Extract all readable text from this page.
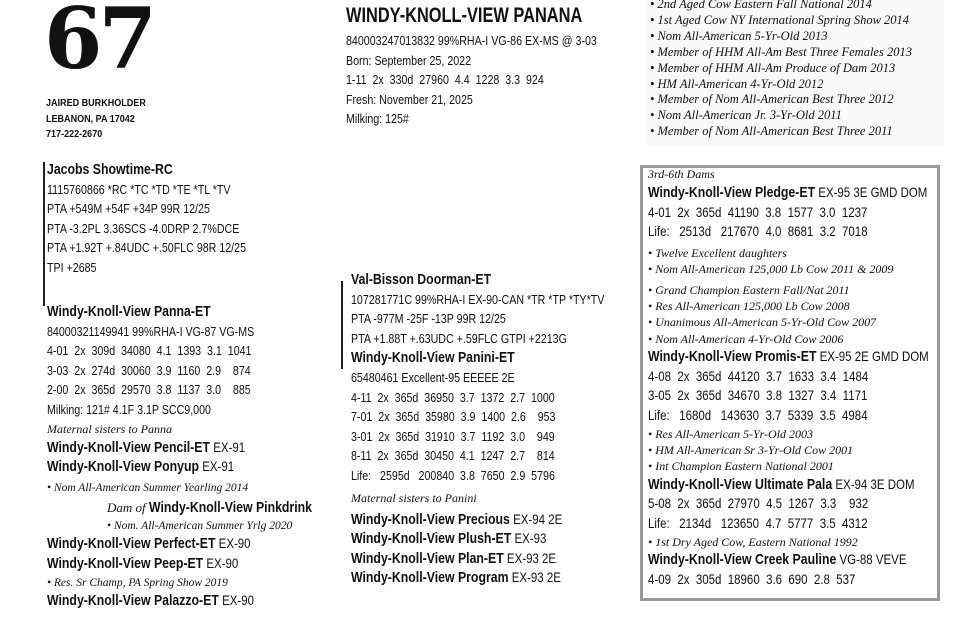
67
JAIRED BURKHOLDER
LEBANON, PA 17042
717-222-2670
WINDY-KNOLL-VIEW PANANA
840003247013832 99%RHA-I VG-86 EX-MS @ 3-03
Born: September 25, 2022
1-11  2x  330d  27960  4.4  1228  3.3  924
Fresh: November 21, 2025
Milking: 125#
• 2nd Aged Cow Eastern Fall National 2014
• 1st Aged Cow NY International Spring Show 2014
• Nom All-American 5-Yr-Old 2013
• Member of HHM All-Am Best Three Females 2013
• Member of HHM All-Am Produce of Dam 2013
• HM All-American 4-Yr-Old 2012
• Member of Nom All-American Best Three 2012
• Nom All-American Jr. 3-Yr-Old 2011
• Member of Nom All-American Best Three 2011
Jacobs Showtime-RC
1115760866 *RC *TC *TD *TE *TL *TV
PTA +549M +54F +34P 99R 12/25
PTA -3.2PL 3.36SCS -4.0DRP 2.7%DCE
PTA +1.92T +.84UDC +.50FLC 98R 12/25
TPI +2685
Windy-Knoll-View Panna-ET
84000321149941 99%RHA-I VG-87 VG-MS
4-01  2x  309d  34080  4.1  1393  3.1  1041
3-03  2x  274d  30060  3.9  1160  2.9    874
2-00  2x  365d  29570  3.8  1137  3.0    885
Milking: 121# 4.1F 3.1P SCC9,000
Maternal sisters to Panna
Windy-Knoll-View Pencil-ET EX-91
Windy-Knoll-View Ponyup EX-91
• Nom All-American Summer Yearling 2014
Dam of Windy-Knoll-View Pinkdrink
• Nom. All-American Summer Yrlg 2020
Windy-Knoll-View Perfect-ET EX-90
Windy-Knoll-View Peep-ET EX-90
• Res. Sr Champ, PA Spring Show 2019
Windy-Knoll-View Palazzo-ET EX-90
Val-Bisson Doorman-ET
107281771C 99%RHA-I EX-90-CAN *TR *TP *TY*TV
PTA -977M -25F -13P 99R 12/25
PTA +1.88T +.63UDC +.59FLC GTPI +2213G
Windy-Knoll-View Panini-ET
65480461 Excellent-95 EEEEE 2E
4-11  2x  365d  36950  3.7  1372  2.7  1000
7-01  2x  365d  35980  3.9  1400  2.6    953
3-01  2x  365d  31910  3.7  1192  3.0    949
8-11  2x  365d  30450  4.1  1247  2.7    814
Life:   2595d   200840  3.8  7650  2.9  5796
Maternal sisters to Panini
Windy-Knoll-View Precious EX-94 2E
Windy-Knoll-View Plush-ET EX-93
Windy-Knoll-View Plan-ET EX-93 2E
Windy-Knoll-View Program EX-93 2E
3rd-6th Dams
Windy-Knoll-View Pledge-ET EX-95 3E GMD DOM
4-01  2x  365d  41190  3.8  1577  3.0  1237
Life:   2513d   217670  4.0  8681  3.2  7018
• Twelve Excellent daughters
• Nom All-American 125,000 Lb Cow 2011 & 2009
• Grand Champion Eastern Fall/Nat 2011
• Res All-American 125,000 Lb Cow 2008
• Unanimous All-American 5-Yr-Old Cow 2007
• Nom All-American 4-Yr-Old Cow 2006
Windy-Knoll-View Promis-ET EX-95 2E GMD DOM
4-08  2x  365d  44120  3.7  1633  3.4  1484
3-05  2x  365d  34670  3.8  1327  3.4  1171
Life:   1680d   143630  3.7  5339  3.5  4984
• Res All-American 5-Yr-Old 2003
• HM All-American Sr 3-Yr-Old Cow 2001
• Int Champion Eastern National 2001
Windy-Knoll-View Ultimate Pala EX-94 3E DOM
5-08  2x  365d  27970  4.5  1267  3.3    932
Life:   2134d   123650  4.7  5777  3.5  4312
• 1st Dry Aged Cow, Eastern National 1992
Windy-Knoll-View Creek Pauline VG-88 VEVE
4-09  2x  305d  18960  3.6  690  2.8  537
